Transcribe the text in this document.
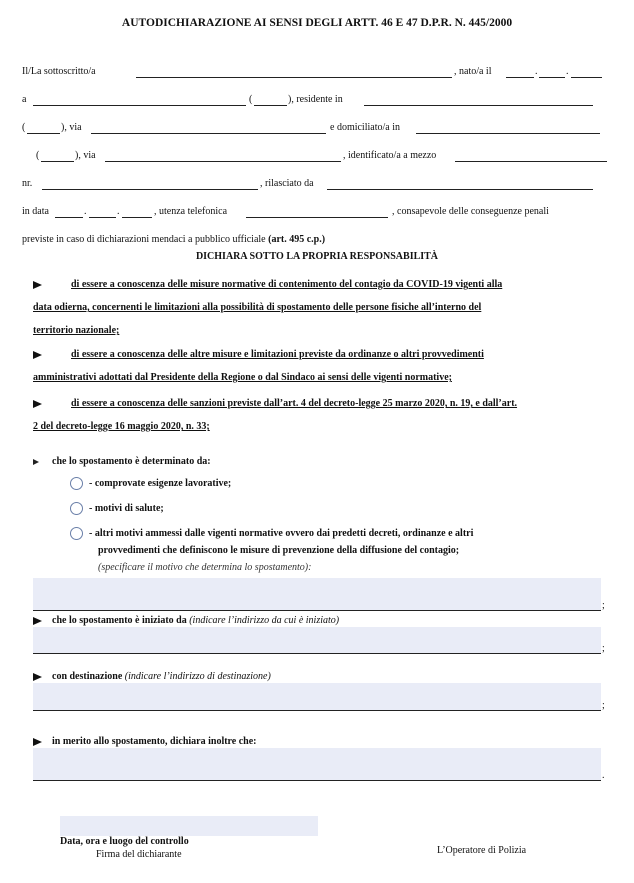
AUTODICHIARAZIONE AI SENSI DEGLI ARTT. 46 E 47 D.P.R. N. 445/2000
Il/La sottoscritto/a	, nato/a il	.	.
a	(	), residente in
(	), via	e domiciliato/a in
(	), via	, identificato/a a mezzo
nr.	, rilasciato da
in data	.	.	, utenza telefonica	, consapevole delle conseguenze penali
previste in caso di dichiarazioni mendaci a pubblico ufficiale (art. 495 c.p.)
DICHIARA SOTTO LA PROPRIA RESPONSABILITÀ
di essere a conoscenza delle misure normative di contenimento del contagio da COVID-19 vigenti alla
data odierna, concernenti le limitazioni alla possibilità di spostamento delle persone fisiche all’interno del
territorio nazionale;
di essere a conoscenza delle altre misure e limitazioni previste da ordinanze o altri provvedimenti
amministrativi adottati dal Presidente della Regione o dal Sindaco ai sensi delle vigenti normative;
di essere a conoscenza delle sanzioni previste dall’art. 4 del decreto-legge 25 marzo 2020, n. 19, e dall’art.
2 del decreto-legge 16 maggio 2020, n. 33;
che lo spostamento è determinato da:
- comprovate esigenze lavorative;
- motivi di salute;
- altri motivi ammessi dalle vigenti normative ovvero dai predetti decreti, ordinanze e altri
provvedimenti che definiscono le misure di prevenzione della diffusione del contagio;
(specificare il motivo che determina lo spostamento):
;
che lo spostamento è iniziato da (indicare l’indirizzo da cui è iniziato)
;
con destinazione (indicare l’indirizzo di destinazione)
;
in merito allo spostamento, dichiara inoltre che:
.
Data, ora e luogo del controllo
Firma del dichiarante	L’Operatore di Polizia
